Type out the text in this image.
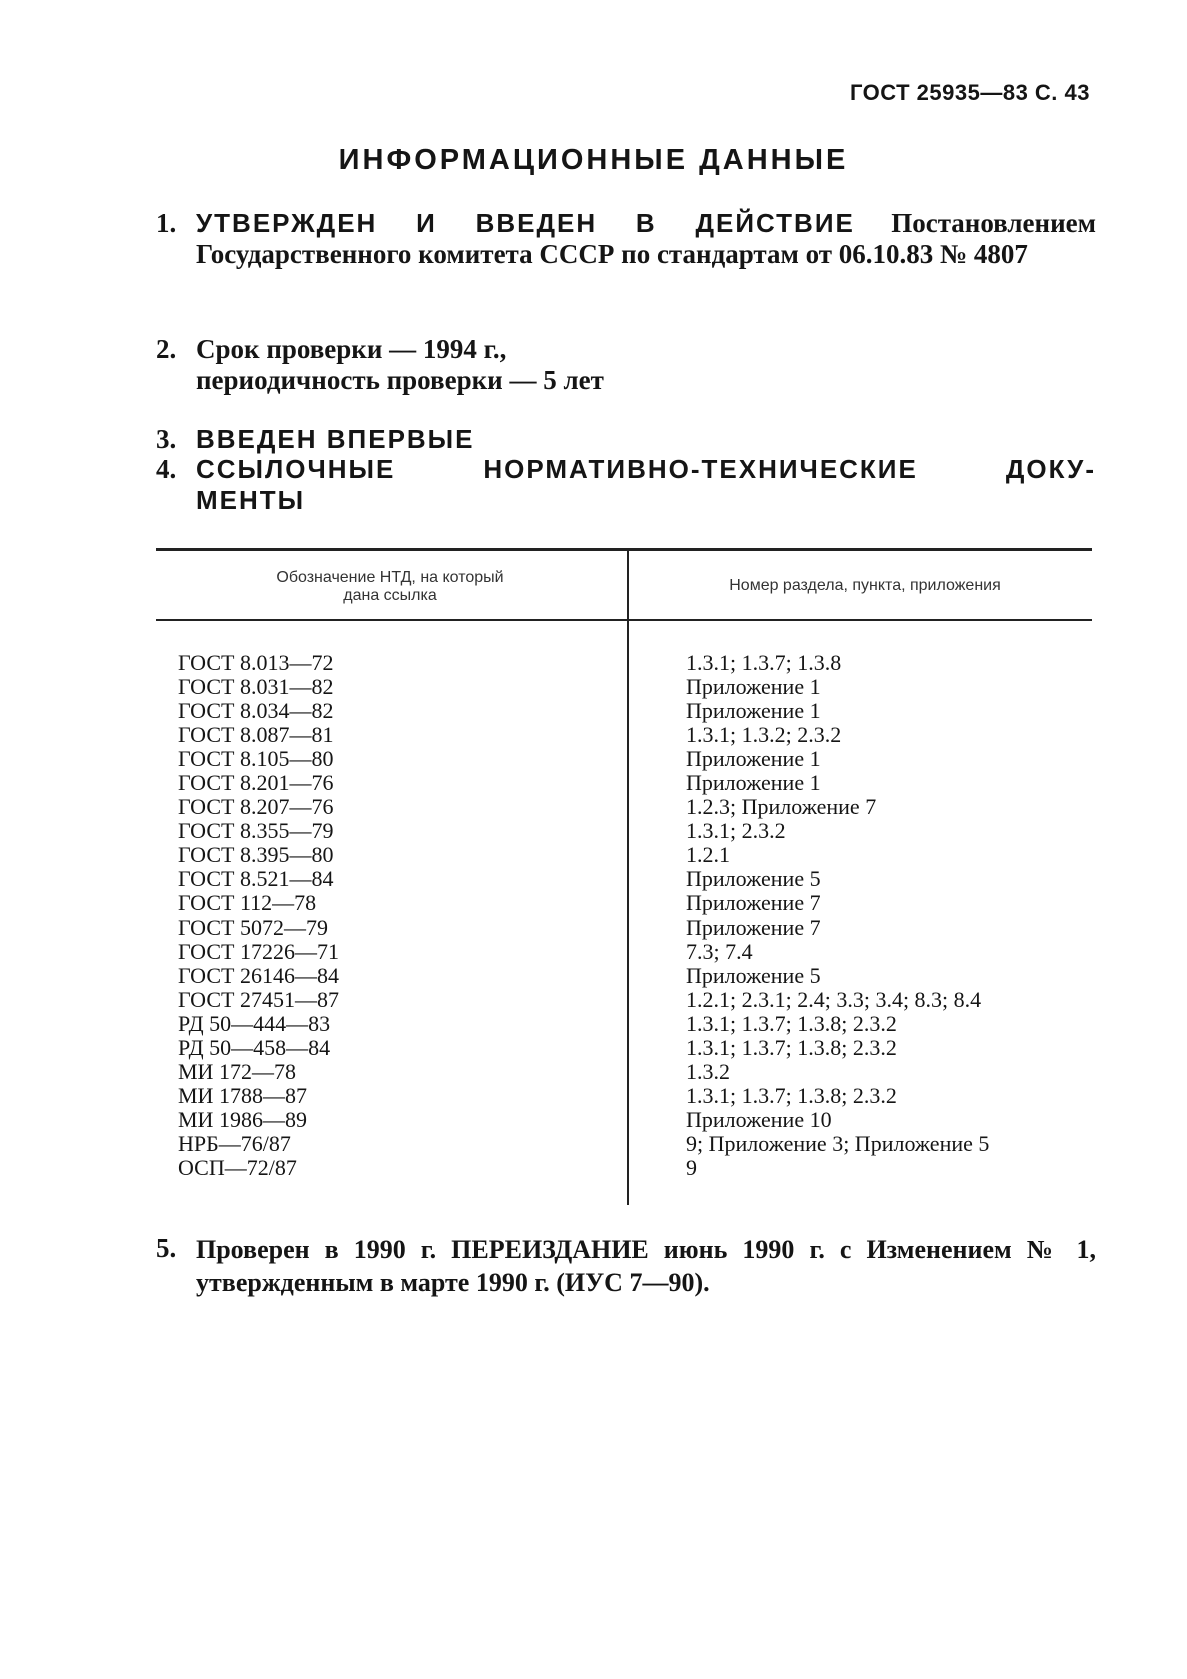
ГОСТ 25935—83 С. 43
ИНФОРМАЦИОННЫЕ ДАННЫЕ
1. УТВЕРЖДЕН И ВВЕДЕН В ДЕЙСТВИЕ Постановлением Государственного комитета СССР по стандартам от 06.10.83 № 4807
2. Срок проверки — 1994 г.,
периодичность проверки — 5 лет
3. ВВЕДЕН ВПЕРВЫЕ
4. ССЫЛОЧНЫЕ НОРМАТИВНО-ТЕХНИЧЕСКИЕ ДОКУ-
МЕНТЫ
Обозначение НТД, на который
дана ссылка
Номер раздела, пункта, приложения
ГОСТ 8.013—72
ГОСТ 8.031—82
ГОСТ 8.034—82
ГОСТ 8.087—81
ГОСТ 8.105—80
ГОСТ 8.201—76
ГОСТ 8.207—76
ГОСТ 8.355—79
ГОСТ 8.395—80
ГОСТ 8.521—84
ГОСТ 112—78
ГОСТ 5072—79
ГОСТ 17226—71
ГОСТ 26146—84
ГОСТ 27451—87
РД 50—444—83
РД 50—458—84
МИ 172—78
МИ 1788—87
МИ 1986—89
НРБ—76/87
ОСП—72/87
1.3.1; 1.3.7; 1.3.8
Приложение 1
Приложение 1
1.3.1; 1.3.2; 2.3.2
Приложение 1
Приложение 1
1.2.3; Приложение 7
1.3.1; 2.3.2
1.2.1
Приложение 5
Приложение 7
Приложение 7
7.3; 7.4
Приложение 5
1.2.1; 2.3.1; 2.4; 3.3; 3.4; 8.3; 8.4
1.3.1; 1.3.7; 1.3.8; 2.3.2
1.3.1; 1.3.7; 1.3.8; 2.3.2
1.3.2
1.3.1; 1.3.7; 1.3.8; 2.3.2
Приложение 10
9; Приложение 3; Приложение 5
9
5. Проверен в 1990 г. ПЕРЕИЗДАНИЕ июнь 1990 г. с Изменением № 1, утвержденным в марте 1990 г. (ИУС 7—90).
